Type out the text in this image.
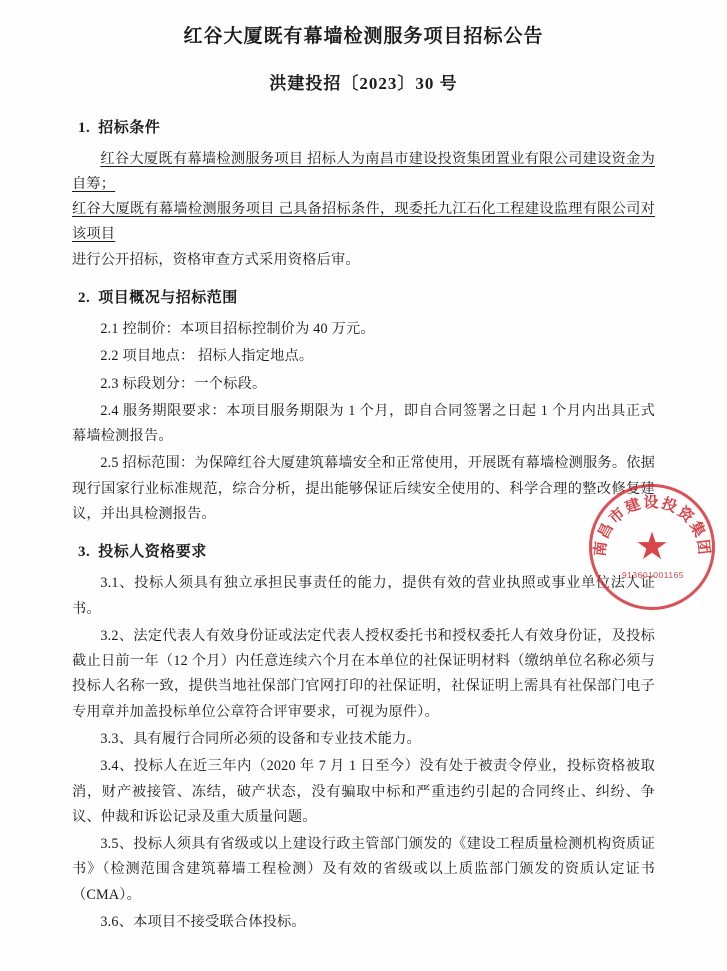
红谷大厦既有幕墙检测服务项目招标公告
洪建投招〔2023〕30 号
1. 招标条件

红谷大厦既有幕墙检测服务项目 招标人为南昌市建设投资集团置业有限公司建设资金为自筹；

红谷大厦既有幕墙检测服务项目 己具备招标条件，现委托九江石化工程建设监理有限公司对该项目

进行公开招标，资格审查方式采用资格后审。

2. 项目概况与招标范围

2.1 控制价：本项目招标控制价为 40 万元。

2.2 项目地点： 招标人指定地点。

2.3 标段划分：一个标段。

2.4 服务期限要求：本项目服务期限为 1 个月，即自合同签署之日起 1 个月内出具正式幕墙检测报告。

2.5 招标范围：为保障红谷大厦建筑幕墙安全和正常使用，开展既有幕墙检测服务。依据现行国家行业标准规范，综合分析，提出能够保证后续安全使用的、科学合理的整改修复建议，并出具检测报告。

3. 投标人资格要求

3.1、投标人须具有独立承担民事责任的能力，提供有效的营业执照或事业单位法人证书。

3.2、法定代表人有效身份证或法定代表人授权委托书和授权委托人有效身份证，及投标截止日前一年（12 个月）内任意连续六个月在本单位的社保证明材料（缴纳单位名称必须与投标人名称一致，提供当地社保部门官网打印的社保证明，社保证明上需具有社保部门电子专用章并加盖投标单位公章符合评审要求，可视为原件）。

3.3、具有履行合同所必须的设备和专业技术能力。

3.4、投标人在近三年内（2020 年 7 月 1 日至今）没有处于被责令停业，投标资格被取消，财产被接管、冻结，破产状态，没有骗取中标和严重违约引起的合同终止、纠纷、争议、仲裁和诉讼记录及重大质量问题。

3.5、投标人须具有省级或以上建设行政主管部门颁发的《建设工程质量检测机构资质证书》（检测范围含建筑幕墙工程检测）及有效的省级或以上质监部门颁发的资质认定证书（CMA）。

3.6、本项目不接受联合体投标。

南昌市建设投资集团
★
913601001165
